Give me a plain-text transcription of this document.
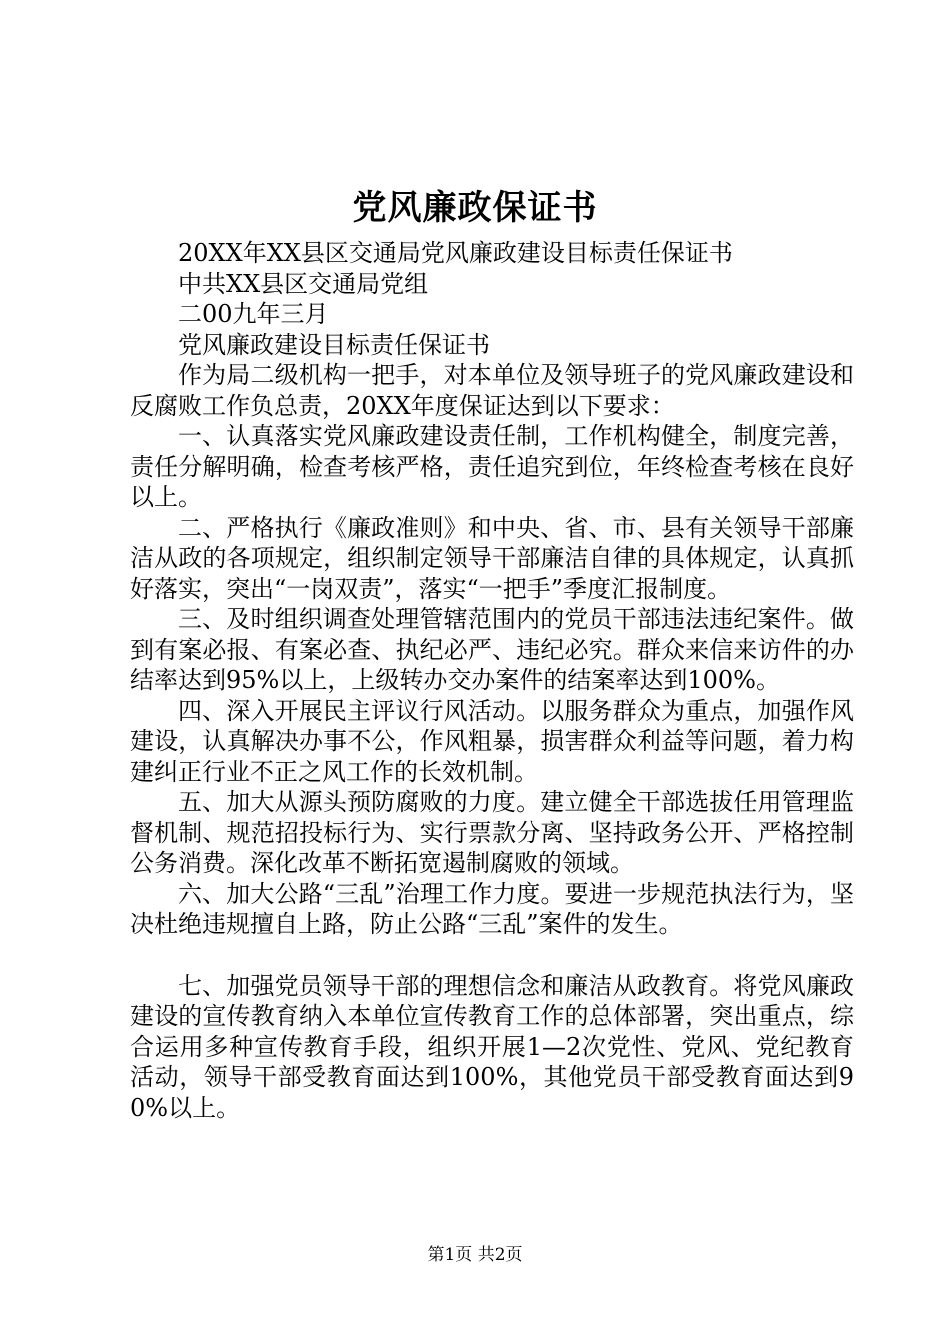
党风廉政保证书

20XX年XX县区交通局党风廉政建设目标责任保证书

中共XX县区交通局党组

二00九年三月

党风廉政建设目标责任保证书

作为局二级机构一把手，对本单位及领导班子的党风廉政建设和反腐败工作负总责，20XX年度保证达到以下要求：

一、认真落实党风廉政建设责任制，工作机构健全，制度完善，责任分解明确，检查考核严格，责任追究到位，年终检查考核在良好以上。

二、严格执行《廉政准则》和中央、省、市、县有关领导干部廉洁从政的各项规定，组织制定领导干部廉洁自律的具体规定，认真抓好落实，突出“一岗双责”，落实“一把手”季度汇报制度。

三、及时组织调查处理管辖范围内的党员干部违法违纪案件。做到有案必报、有案必查、执纪必严、违纪必究。群众来信来访件的办结率达到95%以上，上级转办交办案件的结案率达到100%。

四、深入开展民主评议行风活动。以服务群众为重点，加强作风建设，认真解决办事不公，作风粗暴，损害群众利益等问题，着力构建纠正行业不正之风工作的长效机制。

五、加大从源头预防腐败的力度。建立健全干部选拔任用管理监督机制、规范招投标行为、实行票款分离、坚持政务公开、严格控制公务消费。深化改革不断拓宽遏制腐败的领域。

六、加大公路“三乱”治理工作力度。要进一步规范执法行为，坚决杜绝违规擅自上路，防止公路“三乱”案件的发生。

七、加强党员领导干部的理想信念和廉洁从政教育。将党风廉政建设的宣传教育纳入本单位宣传教育工作的总体部署，突出重点，综合运用多种宣传教育手段，组织开展1—2次党性、党风、党纪教育活动，领导干部受教育面达到100%，其他党员干部受教育面达到90%以上。

第1页 共2页
